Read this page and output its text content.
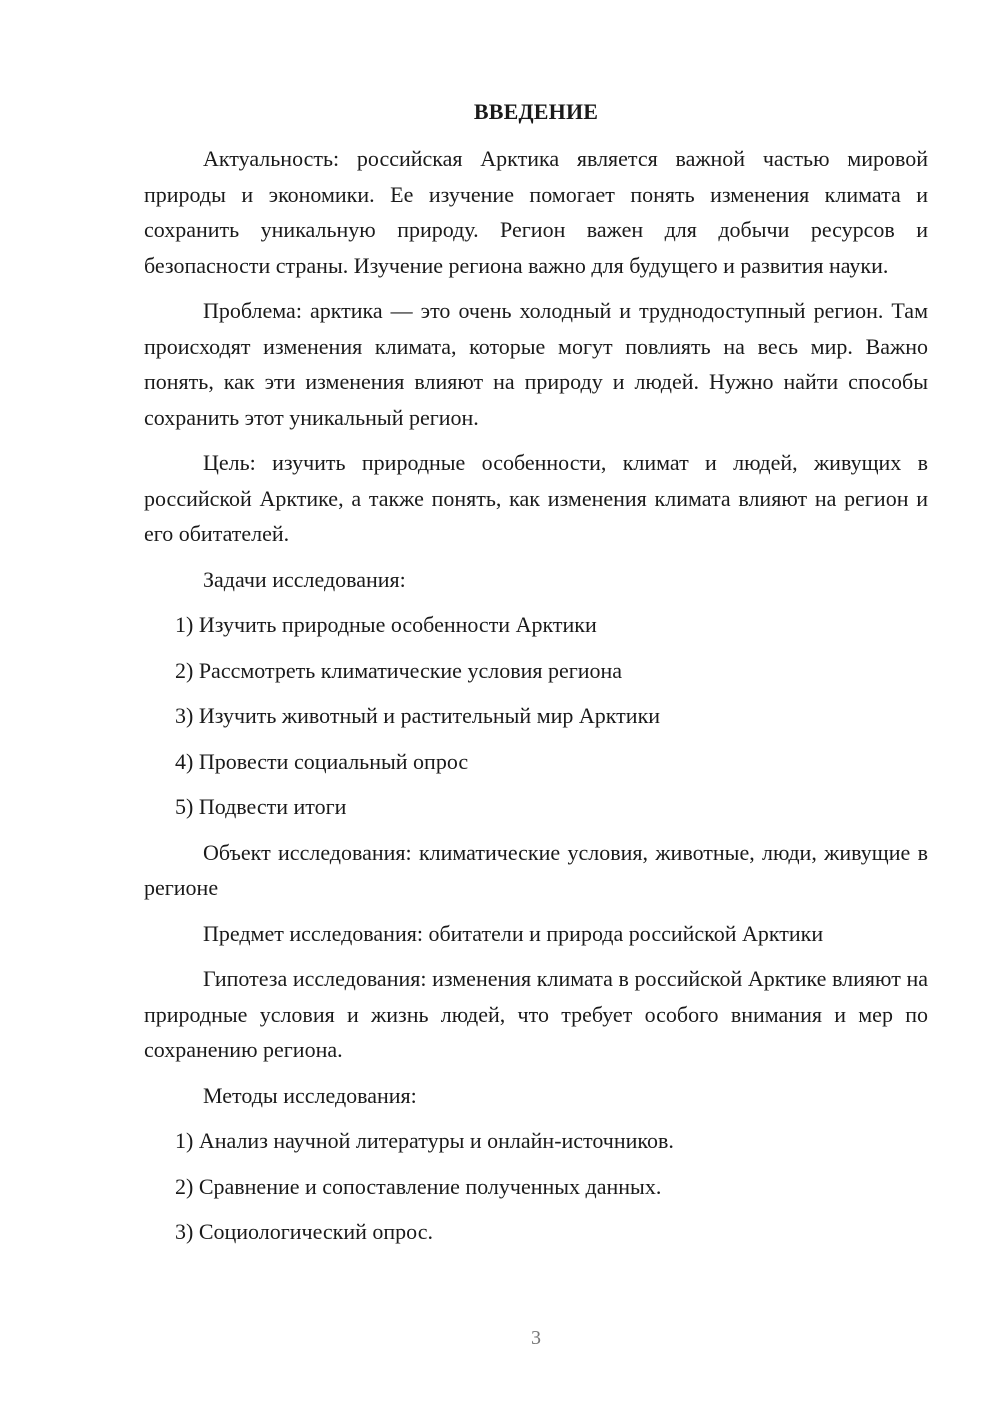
ВВЕДЕНИЕ

Актуальность: российская Арктика является важной частью мировой природы и экономики. Ее изучение помогает понять изменения климата и сохранить уникальную природу. Регион важен для добычи ресурсов и безопасности страны. Изучение региона важно для будущего и развития науки.

Проблема: арктика — это очень холодный и труднодоступный регион. Там происходят изменения климата, которые могут повлиять на весь мир. Важно понять, как эти изменения влияют на природу и людей. Нужно найти способы сохранить этот уникальный регион.

Цель: изучить природные особенности, климат и людей, живущих в российской Арктике, а также понять, как изменения климата влияют на регион и его обитателей.

Задачи исследования:

1) Изучить природные особенности Арктики

2) Рассмотреть климатические условия региона

3) Изучить животный и растительный мир Арктики

4) Провести социальный опрос

5) Подвести итоги

Объект исследования: климатические условия, животные, люди, живущие в регионе

Предмет исследования: обитатели и природа российской Арктики

Гипотеза исследования: изменения климата в российской Арктике влияют на природные условия и жизнь людей, что требует особого внимания и мер по сохранению региона.

Методы исследования:

1) Анализ научной литературы и онлайн-источников.

2) Сравнение и сопоставление полученных данных.

3) Социологический опрос.

3
